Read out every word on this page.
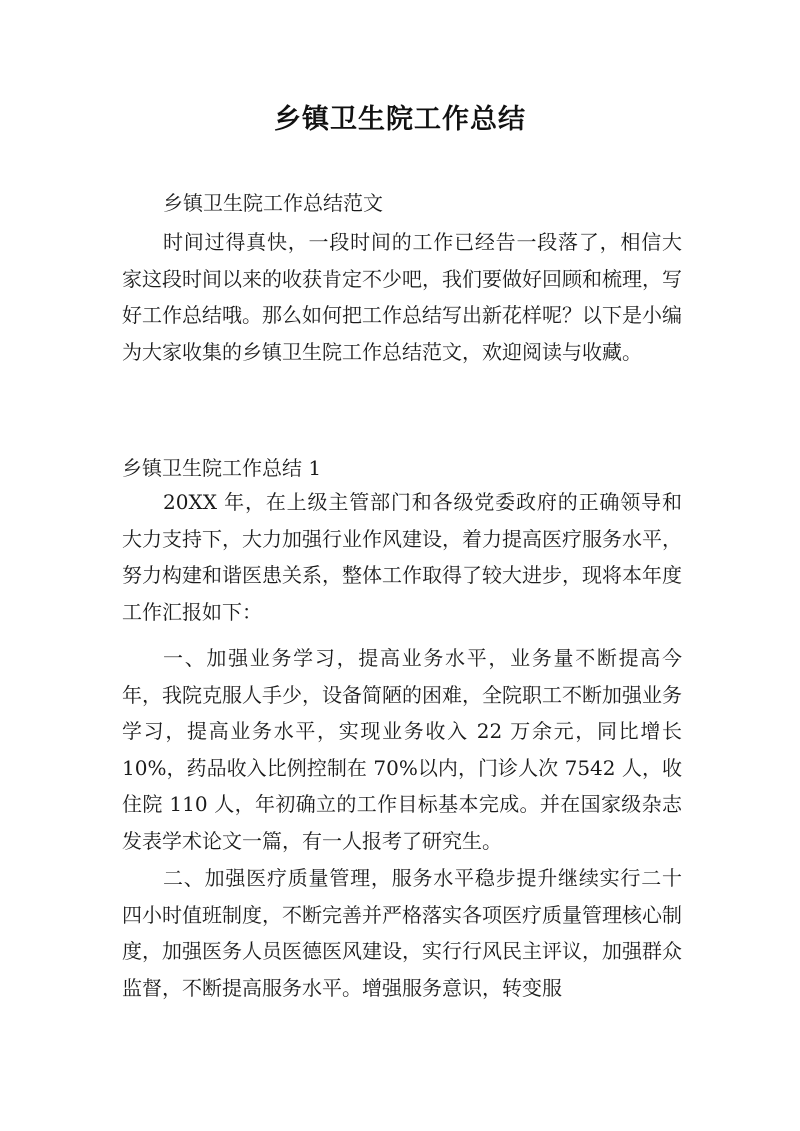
乡镇卫生院工作总结
乡镇卫生院工作总结范文

时间过得真快，一段时间的工作已经告一段落了，相信大家这段时间以来的收获肯定不少吧，我们要做好回顾和梳理，写好工作总结哦。那么如何把工作总结写出新花样呢？以下是小编为大家收集的乡镇卫生院工作总结范文，欢迎阅读与收藏。

乡镇卫生院工作总结 1

20XX 年，在上级主管部门和各级党委政府的正确领导和大力支持下，大力加强行业作风建设，着力提高医疗服务水平，努力构建和谐医患关系，整体工作取得了较大进步，现将本年度工作汇报如下：

一、加强业务学习，提高业务水平，业务量不断提高今年，我院克服人手少，设备简陋的困难，全院职工不断加强业务学习，提高业务水平，实现业务收入 22 万余元，同比增长 10%，药品收入比例控制在 70%以内，门诊人次 7542 人，收住院 110 人，年初确立的工作目标基本完成。并在国家级杂志发表学术论文一篇，有一人报考了研究生。

二、加强医疗质量管理，服务水平稳步提升继续实行二十四小时值班制度，不断完善并严格落实各项医疗质量管理核心制度，加强医务人员医德医风建设，实行行风民主评议，加强群众监督，不断提高服务水平。增强服务意识，转变服
